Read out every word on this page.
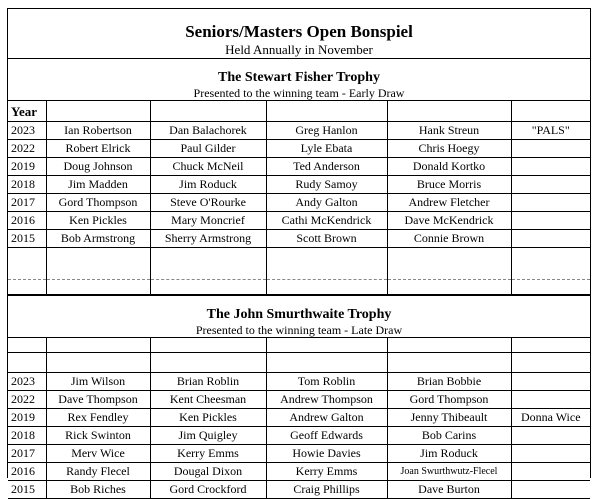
Seniors/Masters Open Bonspiel
Held Annually in November
The Stewart Fisher Trophy
Presented to the winning team - Early Draw
Year					
2023	Ian Robertson	Dan Balachorek	Greg Hanlon	Hank Streun	"PALS"
2022	Robert Elrick	Paul Gilder	Lyle Ebata	Chris Hoegy	
2019	Doug Johnson	Chuck McNeil	Ted Anderson	Donald Kortko	
2018	Jim Madden	Jim Roduck	Rudy Samoy	Bruce Morris	
2017	Gord Thompson	Steve O'Rourke	Andy Galton	Andrew Fletcher	
2016	Ken Pickles	Mary Moncrief	Cathi McKendrick	Dave McKendrick	
2015	Bob Armstrong	Sherry Armstrong	Scott Brown	Connie Brown	

The John Smurthwaite Trophy
Presented to the winning team - Late Draw

2023	Jim Wilson	Brian Roblin	Tom Roblin	Brian Bobbie	
2022	Dave Thompson	Kent Cheesman	Andrew Thompson	Gord Thompson	
2019	Rex Fendley	Ken Pickles	Andrew Galton	Jenny Thibeault	Donna Wice
2018	Rick Swinton	Jim Quigley	Geoff Edwards	Bob Carins	
2017	Merv Wice	Kerry Emms	Howie Davies	Jim Roduck	
2016	Randy Flecel	Dougal Dixon	Kerry Emms	Joan Swurthwutz-Flecel	
2015	Bob Riches	Gord Crockford	Craig Phillips	Dave Burton	
